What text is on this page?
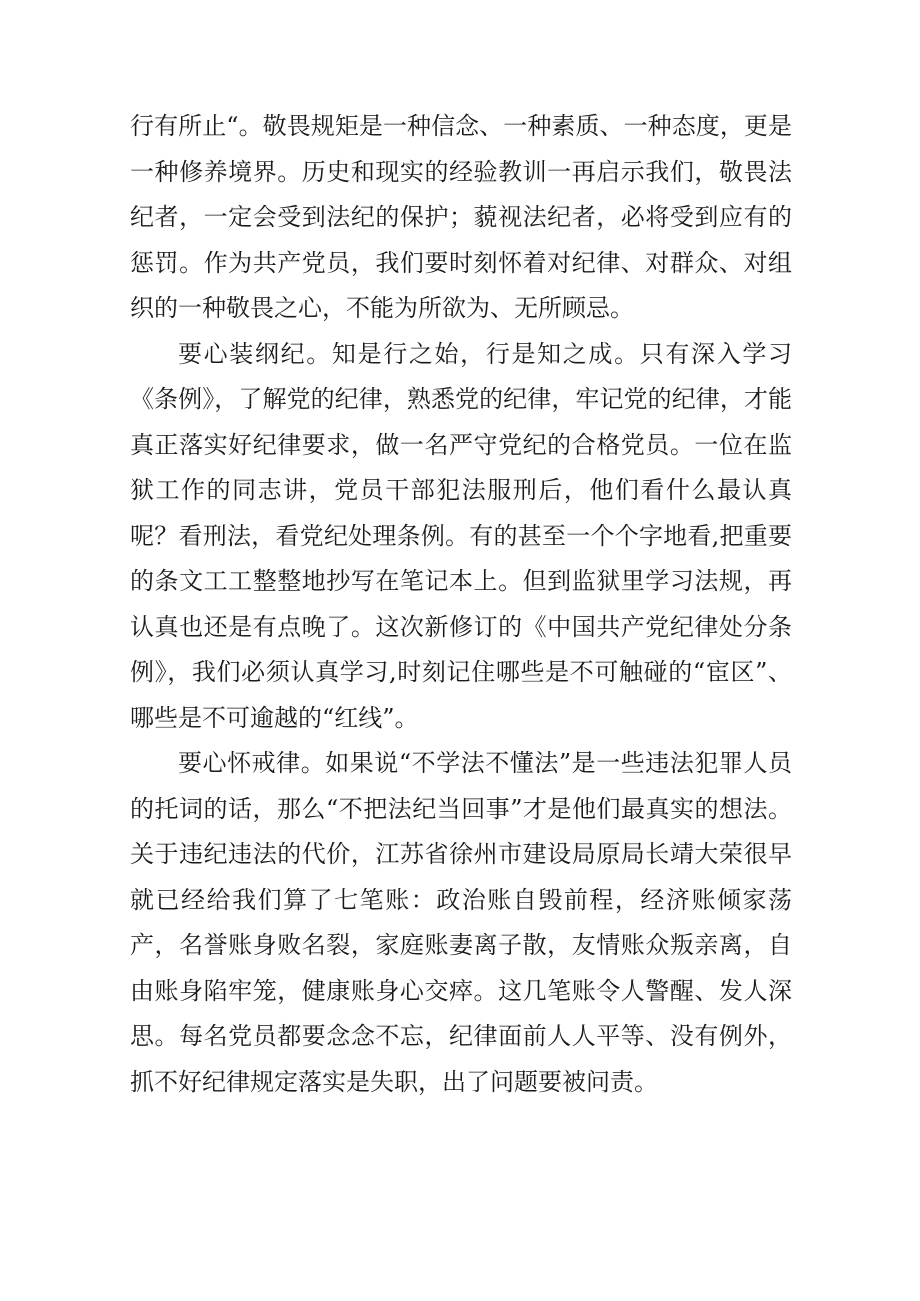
行有所止“。敬畏规矩是一种信念、一种素质、一种态度，更是一种修养境界。历史和现实的经验教训一再启示我们，敬畏法纪者，一定会受到法纪的保护；藐视法纪者，必将受到应有的惩罚。作为共产党员，我们要时刻怀着对纪律、对群众、对组织的一种敬畏之心，不能为所欲为、无所顾忌。

要心装纲纪。知是行之始，行是知之成。只有深入学习《条例》，了解党的纪律，熟悉党的纪律，牢记党的纪律，才能真正落实好纪律要求，做一名严守党纪的合格党员。一位在监狱工作的同志讲，党员干部犯法服刑后，他们看什么最认真呢？看刑法，看党纪处理条例。有的甚至一个个字地看,把重要的条文工工整整地抄写在笔记本上。但到监狱里学习法规，再认真也还是有点晚了。这次新修订的《中国共产党纪律处分条例》，我们必须认真学习,时刻记住哪些是不可触碰的“宦区”、哪些是不可逾越的“红线”。

要心怀戒律。如果说“不学法不懂法”是一些违法犯罪人员的托词的话，那么“不把法纪当回事”才是他们最真实的想法。关于违纪违法的代价，江苏省徐州市建设局原局长靖大荣很早就已经给我们算了七笔账：政治账自毁前程，经济账倾家荡产，名誉账身败名裂，家庭账妻离子散，友情账众叛亲离，自由账身陷牢笼，健康账身心交瘁。这几笔账令人警醒、发人深思。每名党员都要念念不忘，纪律面前人人平等、没有例外，抓不好纪律规定落实是失职，出了问题要被问责。
